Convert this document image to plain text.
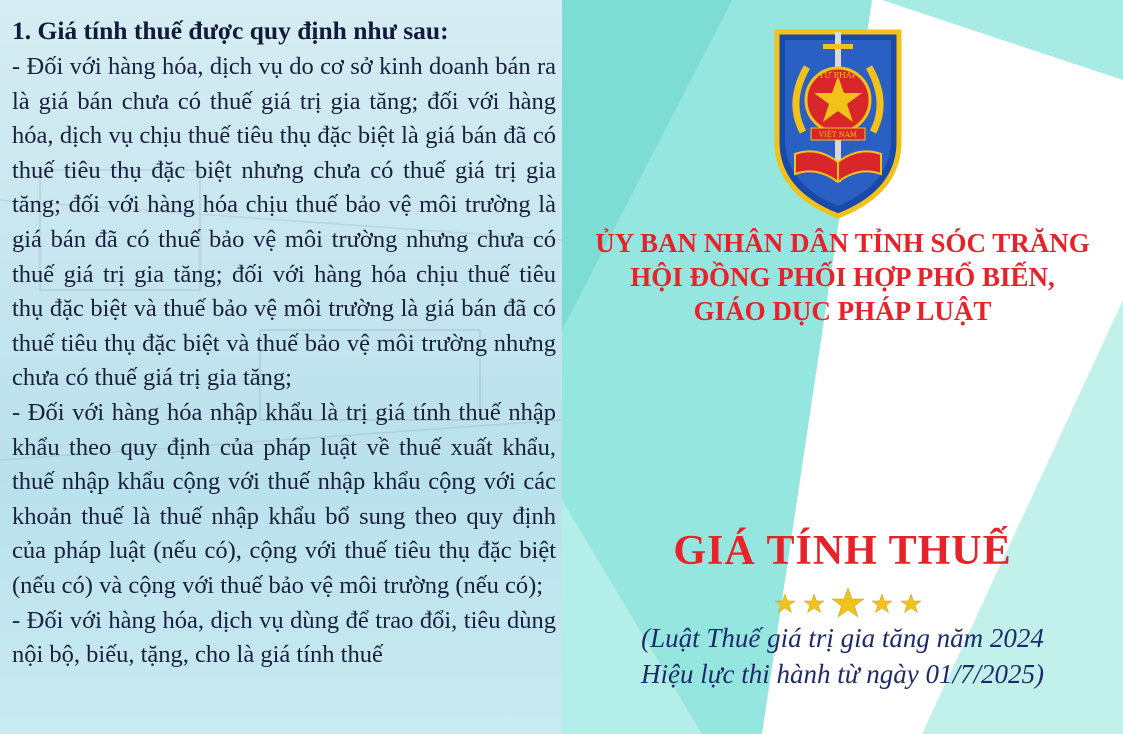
1. Giá tính thuế được quy định như sau:

- Đối với hàng hóa, dịch vụ do cơ sở kinh doanh bán ra là giá bán chưa có thuế giá trị gia tăng; đối với hàng hóa, dịch vụ chịu thuế tiêu thụ đặc biệt là giá bán đã có thuế tiêu thụ đặc biệt nhưng chưa có thuế giá trị gia tăng; đối với hàng hóa chịu thuế bảo vệ môi trường là giá bán đã có thuế bảo vệ môi trường nhưng chưa có thuế giá trị gia tăng; đối với hàng hóa chịu thuế tiêu thụ đặc biệt và thuế bảo vệ môi trường là giá bán đã có thuế tiêu thụ đặc biệt và thuế bảo vệ môi trường nhưng chưa có thuế giá trị gia tăng;

- Đối với hàng hóa nhập khẩu là trị giá tính thuế nhập khẩu theo quy định của pháp luật về thuế xuất khẩu, thuế nhập khẩu cộng với thuế nhập khẩu cộng với các khoản thuế là thuế nhập khẩu bổ sung theo quy định của pháp luật (nếu có), cộng với thuế tiêu thụ đặc biệt (nếu có) và cộng với thuế bảo vệ môi trường (nếu có);

- Đối với hàng hóa, dịch vụ dùng để trao đổi, tiêu dùng nội bộ, biếu, tặng, cho là giá tính thuế

TƯ PHÁP
VIỆT NAM
ỦY BAN NHÂN DÂN TỈNH SÓC TRĂNG
HỘI ĐỒNG PHỐI HỢP PHỔ BIẾN,
GIÁO DỤC PHÁP LUẬT
GIÁ TÍNH THUẾ
(Luật Thuế giá trị gia tăng năm 2024
Hiệu lực thi hành từ ngày 01/7/2025)
